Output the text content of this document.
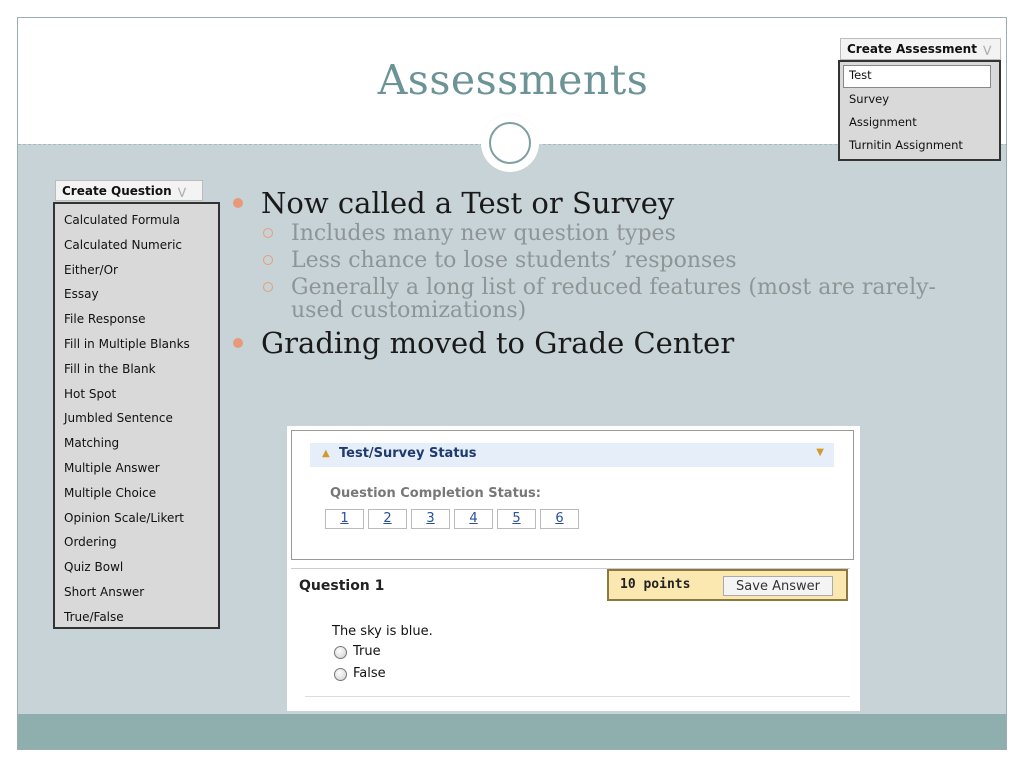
Assessments
Create Assessment ⋁
Test
Survey
Assignment
Turnitin Assignment
Create Question ⋁
Calculated Formula
Calculated Numeric
Either/Or
Essay
File Response
Fill in Multiple Blanks
Fill in the Blank
Hot Spot
Jumbled Sentence
Matching
Multiple Answer
Multiple Choice
Opinion Scale/Likert
Ordering
Quiz Bowl
Short Answer
True/False
Now called a Test or Survey
Includes many new question types
Less chance to lose students’ responses
Generally a long list of reduced features (most are rarely-used customizations)
Grading moved to Grade Center
▲ Test/Survey Status	▼
Question Completion Status:
1	2	3	4	5	6
Question 1	10 points	Save Answer
The sky is blue.
True
False
